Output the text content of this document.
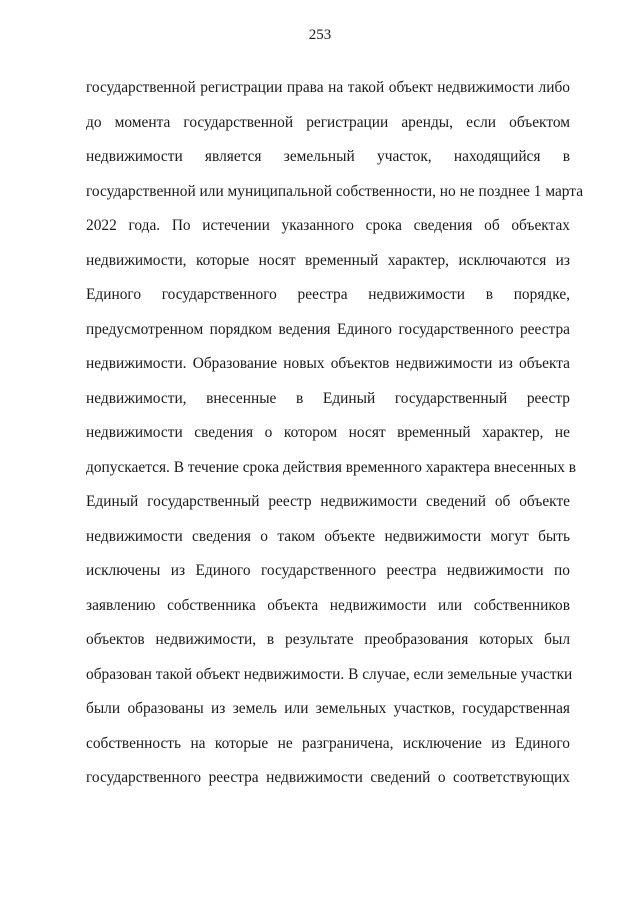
253
государственной регистрации права на такой объект недвижимости либо
до момента государственной регистрации аренды, если объектом
недвижимости является земельный участок, находящийся в
государственной или муниципальной собственности, но не позднее 1 марта
2022 года. По истечении указанного срока сведения об объектах
недвижимости, которые носят временный характер, исключаются из
Единого государственного реестра недвижимости в порядке,
предусмотренном порядком ведения Единого государственного реестра
недвижимости. Образование новых объектов недвижимости из объекта
недвижимости, внесенные в Единый государственный реестр
недвижимости сведения о котором носят временный характер, не
допускается. В течение срока действия временного характера внесенных в
Единый государственный реестр недвижимости сведений об объекте
недвижимости сведения о таком объекте недвижимости могут быть
исключены из Единого государственного реестра недвижимости по
заявлению собственника объекта недвижимости или собственников
объектов недвижимости, в результате преобразования которых был
образован такой объект недвижимости. В случае, если земельные участки
были образованы из земель или земельных участков, государственная
собственность на которые не разграничена, исключение из Единого
государственного реестра недвижимости сведений о соответствующих
